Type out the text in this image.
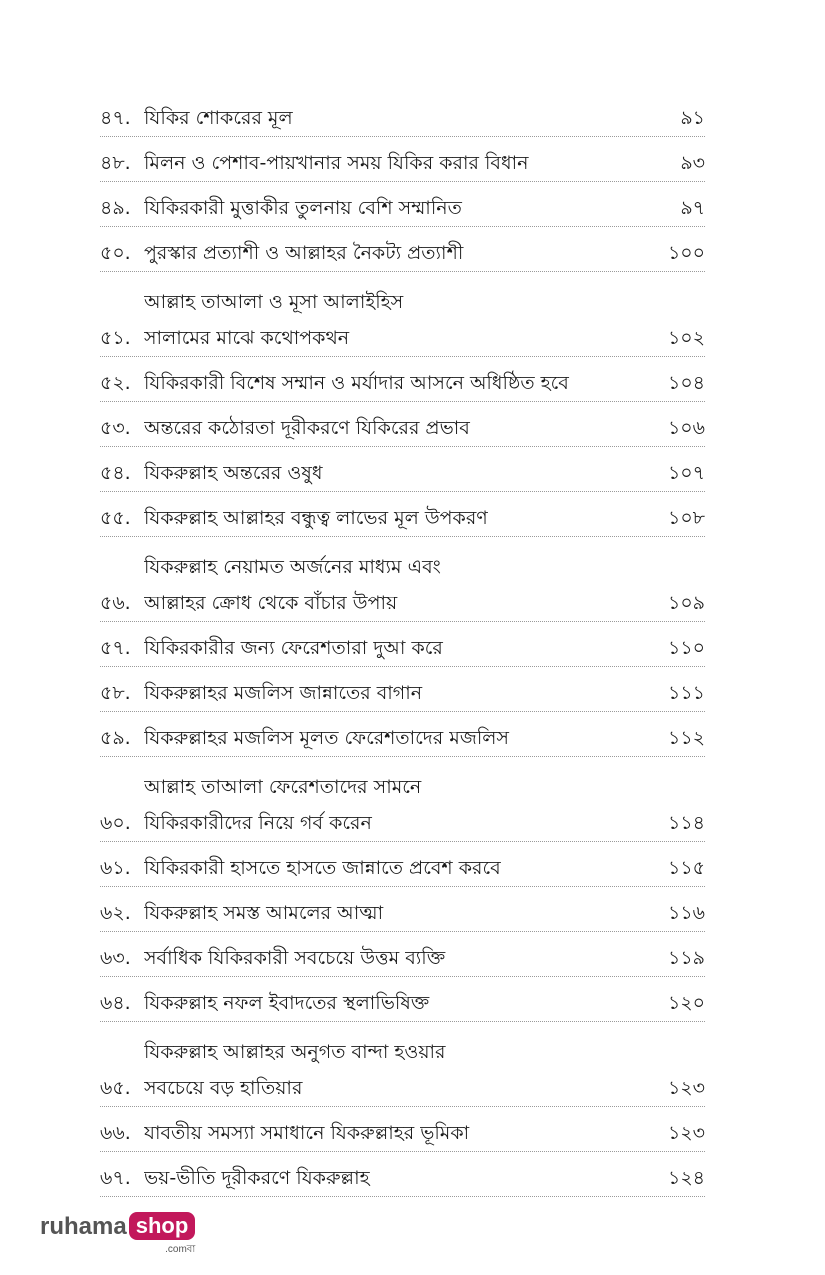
৪৭. যিকির শোকরের মূল	৯১
৪৮. মিলন ও পেশাব-পায়খানার সময় যিকির করার বিধান	৯৩
৪৯. যিকিরকারী মুত্তাকীর তুলনায় বেশি সম্মানিত	৯৭
৫০. পুরস্কার প্রত্যাশী ও আল্লাহর নৈকট্য প্রত্যাশী	১০০
৫১.
আল্লাহ তাআলা ও মূসা আলাইহিস
সালামের মাঝে কথোপকথন	১০২
৫২. যিকিরকারী বিশেষ সম্মান ও মর্যাদার আসনে অধিষ্ঠিত হবে	১০৪
৫৩. অন্তরের কঠোরতা দূরীকরণে যিকিরের প্রভাব	১০৬
৫৪. যিকরুল্লাহ অন্তরের ওষুধ	১০৭
৫৫. যিকরুল্লাহ আল্লাহর বন্ধুত্ব লাভের মূল উপকরণ	১০৮
৫৬.
যিকরুল্লাহ নেয়ামত অর্জনের মাধ্যম এবং
আল্লাহর ক্রোধ থেকে বাঁচার উপায়	১০৯
৫৭. যিকিরকারীর জন্য ফেরেশতারা দুআ করে	১১০
৫৮. যিকরুল্লাহর মজলিস জান্নাতের বাগান	১১১
৫৯. যিকরুল্লাহর মজলিস মূলত ফেরেশতাদের মজলিস	১১২
৬০.
আল্লাহ তাআলা ফেরেশতাদের সামনে
যিকিরকারীদের নিয়ে গর্ব করেন	১১৪
৬১. যিকিরকারী হাসতে হাসতে জান্নাতে প্রবেশ করবে	১১৫
৬২. যিকরুল্লাহ সমস্ত আমলের আত্মা	১১৬
৬৩. সর্বাধিক যিকিরকারী সবচেয়ে উত্তম ব্যক্তি	১১৯
৬৪. যিকরুল্লাহ নফল ইবাদতের স্থলাভিষিক্ত	১২০
৬৫.
যিকরুল্লাহ আল্লাহর অনুগত বান্দা হওয়ার
সবচেয়ে বড় হাতিয়ার	১২৩
৬৬. যাবতীয় সমস্যা সমাধানে যিকরুল্লাহর ভূমিকা	১২৩
৬৭. ভয়-ভীতি দূরীকরণে যিকরুল্লাহ	১২৪
ruhama shop
.comবা
